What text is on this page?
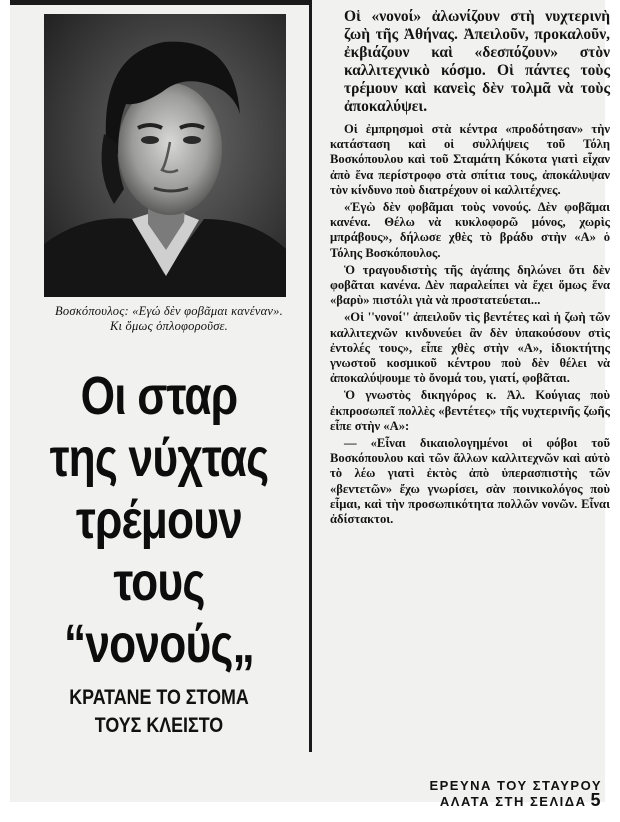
Βοσκόπουλος: «Εγώ δὲν φοβᾶμαι κανέναν». Κι ὅμως ὁπλοφοροῦσε.
Οι σταρ
της νύχτας
τρέμουν
τους
“νονούς„
ΚΡΑΤΑΝΕ ΤΟ ΣΤΟΜΑ
ΤΟΥΣ ΚΛΕΙΣΤΟ
Οἱ «νονοί» ἀλωνίζουν στὴ νυχτερινὴ ζωὴ τῆς Ἀθήνας. Ἀπειλοῦν, προκαλοῦν, ἐκβιάζουν καὶ «δεσπόζουν» στὸν καλλιτεχνικὸ κόσμο. Οἱ πάντες τοὺς τρέμουν καὶ κανεὶς δὲν τολμᾶ νὰ τοὺς ἀποκαλύψει.

Οἱ ἐμπρησμοὶ στὰ κέντρα «προδότησαν» τὴν κατάσταση καὶ οἱ συλλήψεις τοῦ Τόλη Βοσκόπουλου καὶ τοῦ Σταμάτη Κόκοτα γιατὶ εἶχαν ἀπὸ ἕνα περίστροφο στὰ σπίτια τους, ἀποκάλυψαν τὸν κίνδυνο ποὺ διατρέχουν οἱ καλλιτέχνες.

«Ἐγὼ δὲν φοβᾶμαι τοὺς νονούς. Δὲν φοβᾶμαι κανένα. Θέλω νὰ κυκλοφορῶ μόνος, χωρὶς μπράβους», δήλωσε χθὲς τὸ βράδυ στὴν «Α» ὁ Τόλης Βοσκόπουλος.

Ὁ τραγουδιστὴς τῆς ἀγάπης δηλώνει ὅτι δὲν φοβᾶται κανένα. Δὲν παραλείπει νὰ ἔχει ὅμως ἕνα «βαρὺ» πιστόλι γιὰ νὰ προστατεύεται...

«Οἱ ''νονοί'' ἀπειλοῦν τὶς βεντέτες καὶ ἡ ζωὴ τῶν καλλιτεχνῶν κινδυνεύει ἂν δὲν ὑπακούσουν στὶς ἐντολές τους», εἶπε χθὲς στὴν «Α», ἰδιοκτήτης γνωστοῦ κοσμικοῦ κέντρου ποὺ δὲν θέλει νὰ ἀποκαλύψουμε τὸ ὄνομά του, γιατί, φοβᾶται.

Ὁ γνωστὸς δικηγόρος κ. Ἀλ. Κούγιας ποὺ ἐκπροσωπεῖ πολλὲς «βεντέτες» τῆς νυχτερινῆς ζωῆς εἶπε στὴν «Α»:

— «Εἶναι δικαιολογημένοι οἱ φόβοι τοῦ Βοσκόπουλου καὶ τῶν ἄλλων καλλιτεχνῶν καὶ αὐτὸ τὸ λέω γιατὶ ἐκτὸς ἀπὸ ὑπερασπιστὴς τῶν «βεντετῶν» ἔχω γνωρίσει, σὰν ποινικολόγος ποὺ εἶμαι, καὶ τὴν προσωπικότητα πολλῶν νονῶν. Εἶναι ἀδίστακτοι.

ΕΡΕΥΝΑ ΤΟΥ ΣΤΑΥΡΟΥ
ΑΛΑΤΑ ΣΤΗ ΣΕΛΙΔΑ 5
